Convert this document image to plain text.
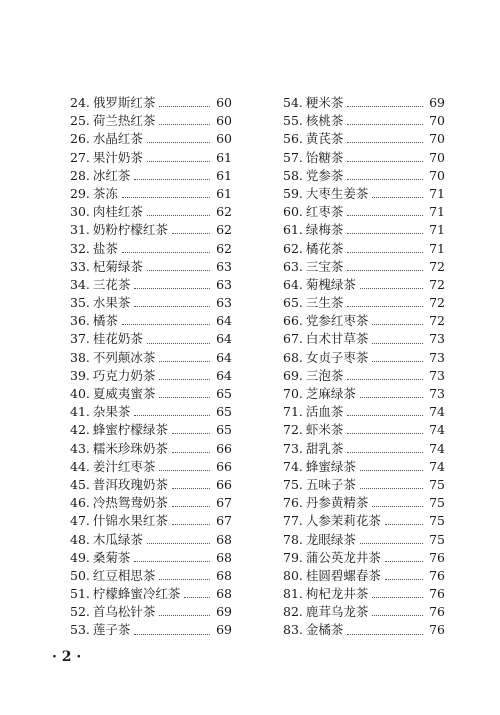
24. 俄罗斯红茶	60
25. 荷兰热红茶	60
26. 水晶红茶	60
27. 果汁奶茶	61
28. 冰红茶	61
29. 茶冻	61
30. 肉桂红茶	62
31. 奶粉柠檬红茶	62
32. 盐茶	62
33. 杞菊绿茶	63
34. 三花茶	63
35. 水果茶	63
36. 橘茶	64
37. 桂花奶茶	64
38. 不列颠冰茶	64
39. 巧克力奶茶	64
40. 夏威夷蜜茶	65
41. 杂果茶	65
42. 蜂蜜柠檬绿茶	65
43. 糯米珍珠奶茶	66
44. 姜汁红枣茶	66
45. 普洱玫瑰奶茶	66
46. 冷热鸳鸯奶茶	67
47. 什锦水果红茶	67
48. 木瓜绿茶	68
49. 桑菊茶	68
50. 红豆相思茶	68
51. 柠檬蜂蜜冷红茶	68
52. 首乌松针茶	69
53. 莲子茶	69
54. 粳米茶	69
55. 核桃茶	70
56. 黄芪茶	70
57. 饴糖茶	70
58. 党参茶	70
59. 大枣生姜茶	71
60. 红枣茶	71
61. 绿梅茶	71
62. 橘花茶	71
63. 三宝茶	72
64. 菊槐绿茶	72
65. 三生茶	72
66. 党参红枣茶	72
67. 白术甘草茶	73
68. 女贞子枣茶	73
69. 三泡茶	73
70. 芝麻绿茶	73
71. 活血茶	74
72. 虾米茶	74
73. 甜乳茶	74
74. 蜂蜜绿茶	74
75. 五味子茶	75
76. 丹参黄精茶	75
77. 人参茉莉花茶	75
78. 龙眼绿茶	75
79. 蒲公英龙井茶	76
80. 桂圆碧螺春茶	76
81. 枸杞龙井茶	76
82. 鹿茸乌龙茶	76
83. 金橘茶	76
· 2 ·
